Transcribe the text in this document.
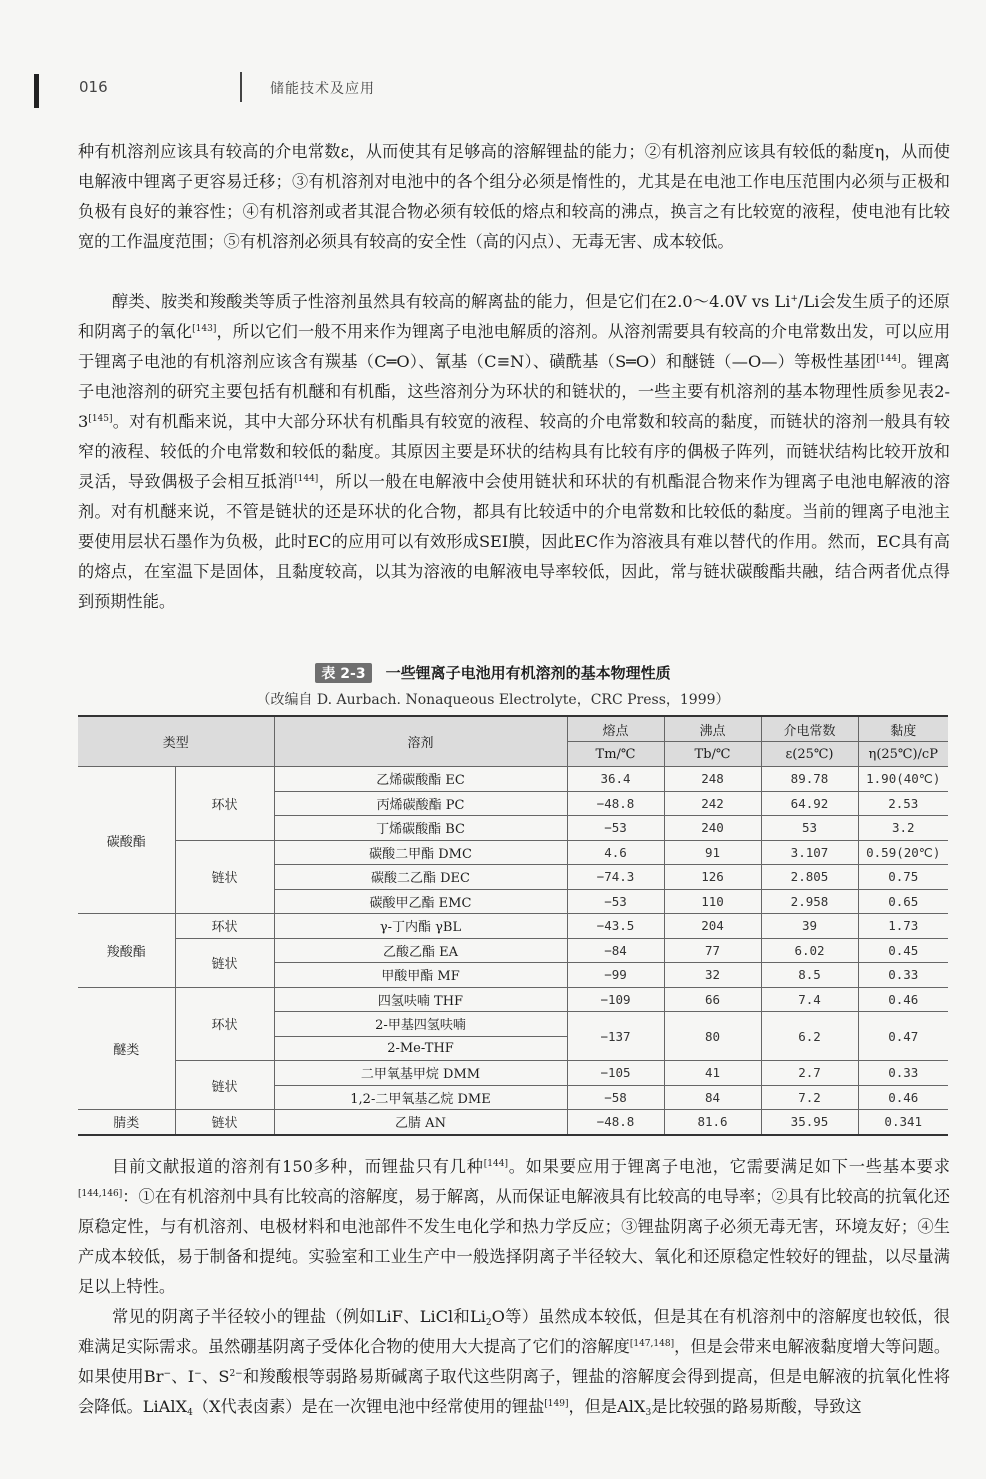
016	储能技术及应用

种有机溶剂应该具有较高的介电常数ε，从而使其有足够高的溶解锂盐的能力；②有机溶剂应该具有较低的黏度η，从而使电解液中锂离子更容易迁移；③有机溶剂对电池中的各个组分必须是惰性的，尤其是在电池工作电压范围内必须与正极和负极有良好的兼容性；④有机溶剂或者其混合物必须有较低的熔点和较高的沸点，换言之有比较宽的液程，使电池有比较宽的工作温度范围；⑤有机溶剂必须具有较高的安全性（高的闪点）、无毒无害、成本较低。

醇类、胺类和羧酸类等质子性溶剂虽然具有较高的解离盐的能力，但是它们在2.0～4.0V vs Li+/Li会发生质子的还原和阴离子的氧化[143]，所以它们一般不用来作为锂离子电池电解质的溶剂。从溶剂需要具有较高的介电常数出发，可以应用于锂离子电池的有机溶剂应该含有羰基（C═O）、氰基（C≡N）、磺酰基（S═O）和醚链（—O—）等极性基团[144]。锂离子电池溶剂的研究主要包括有机醚和有机酯，这些溶剂分为环状的和链状的，一些主要有机溶剂的基本物理性质参见表2-3[145]。对有机酯来说，其中大部分环状有机酯具有较宽的液程、较高的介电常数和较高的黏度，而链状的溶剂一般具有较窄的液程、较低的介电常数和较低的黏度。其原因主要是环状的结构具有比较有序的偶极子阵列，而链状结构比较开放和灵活，导致偶极子会相互抵消[144]，所以一般在电解液中会使用链状和环状的有机酯混合物来作为锂离子电池电解液的溶剂。对有机醚来说，不管是链状的还是环状的化合物，都具有比较适中的介电常数和比较低的黏度。当前的锂离子电池主要使用层状石墨作为负极，此时EC的应用可以有效形成SEI膜，因此EC作为溶液具有难以替代的作用。然而，EC具有高的熔点，在室温下是固体，且黏度较高，以其为溶液的电解液电导率较低，因此，常与链状碳酸酯共融，结合两者优点得到预期性能。

表 2-3 一些锂离子电池用有机溶剂的基本物理性质
（改编自 D. Aurbach. Nonaqueous Electrolyte，CRC Press，1999）
类型		溶剂	熔点	沸点	介电常数	黏度
			Tm/℃	Tb/℃	ε(25℃)	η(25℃)/cP
碳酸酯	环状	乙烯碳酸酯 EC	36.4	248	89.78	1.90(40℃)
		丙烯碳酸酯 PC	−48.8	242	64.92	2.53
		丁烯碳酸酯 BC	−53	240	53	3.2
	链状	碳酸二甲酯 DMC	4.6	91	3.107	0.59(20℃)
		碳酸二乙酯 DEC	−74.3	126	2.805	0.75
		碳酸甲乙酯 EMC	−53	110	2.958	0.65
羧酸酯	环状	γ-丁内酯 γBL	−43.5	204	39	1.73
	链状	乙酸乙酯 EA	−84	77	6.02	0.45
		甲酸甲酯 MF	−99	32	8.5	0.33
醚类	环状	四氢呋喃 THF	−109	66	7.4	0.46
		2-甲基四氢呋喃	−137	80	6.2	0.47
		2-Me-THF				
	链状	二甲氧基甲烷 DMM	−105	41	2.7	0.33
		1,2-二甲氧基乙烷 DME	−58	84	7.2	0.46
腈类	链状	乙腈 AN	−48.8	81.6	35.95	0.341

目前文献报道的溶剂有150多种，而锂盐只有几种[144]。如果要应用于锂离子电池，它需要满足如下一些基本要求[144,146]：①在有机溶剂中具有比较高的溶解度，易于解离，从而保证电解液具有比较高的电导率；②具有比较高的抗氧化还原稳定性，与有机溶剂、电极材料和电池部件不发生电化学和热力学反应；③锂盐阴离子必须无毒无害，环境友好；④生产成本较低，易于制备和提纯。实验室和工业生产中一般选择阴离子半径较大、氧化和还原稳定性较好的锂盐，以尽量满足以上特性。

常见的阴离子半径较小的锂盐（例如LiF、LiCl和$Li_2O$等）虽然成本较低，但是其在有机溶剂中的溶解度也较低，很难满足实际需求。虽然硼基阴离子受体化合物的使用大大提高了它们的溶解度[147,148]，但是会带来电解液黏度增大等问题。如果使用Br−、I−、$S^{2-}$和羧酸根等弱路易斯碱离子取代这些阴离子，锂盐的溶解度会得到提高，但是电解液的抗氧化性将会降低。LiAlX$_4$（X代表卤素）是在一次锂电池中经常使用的锂盐[149]，但是AlX$_3$是比较强的路易斯酸，导致这
